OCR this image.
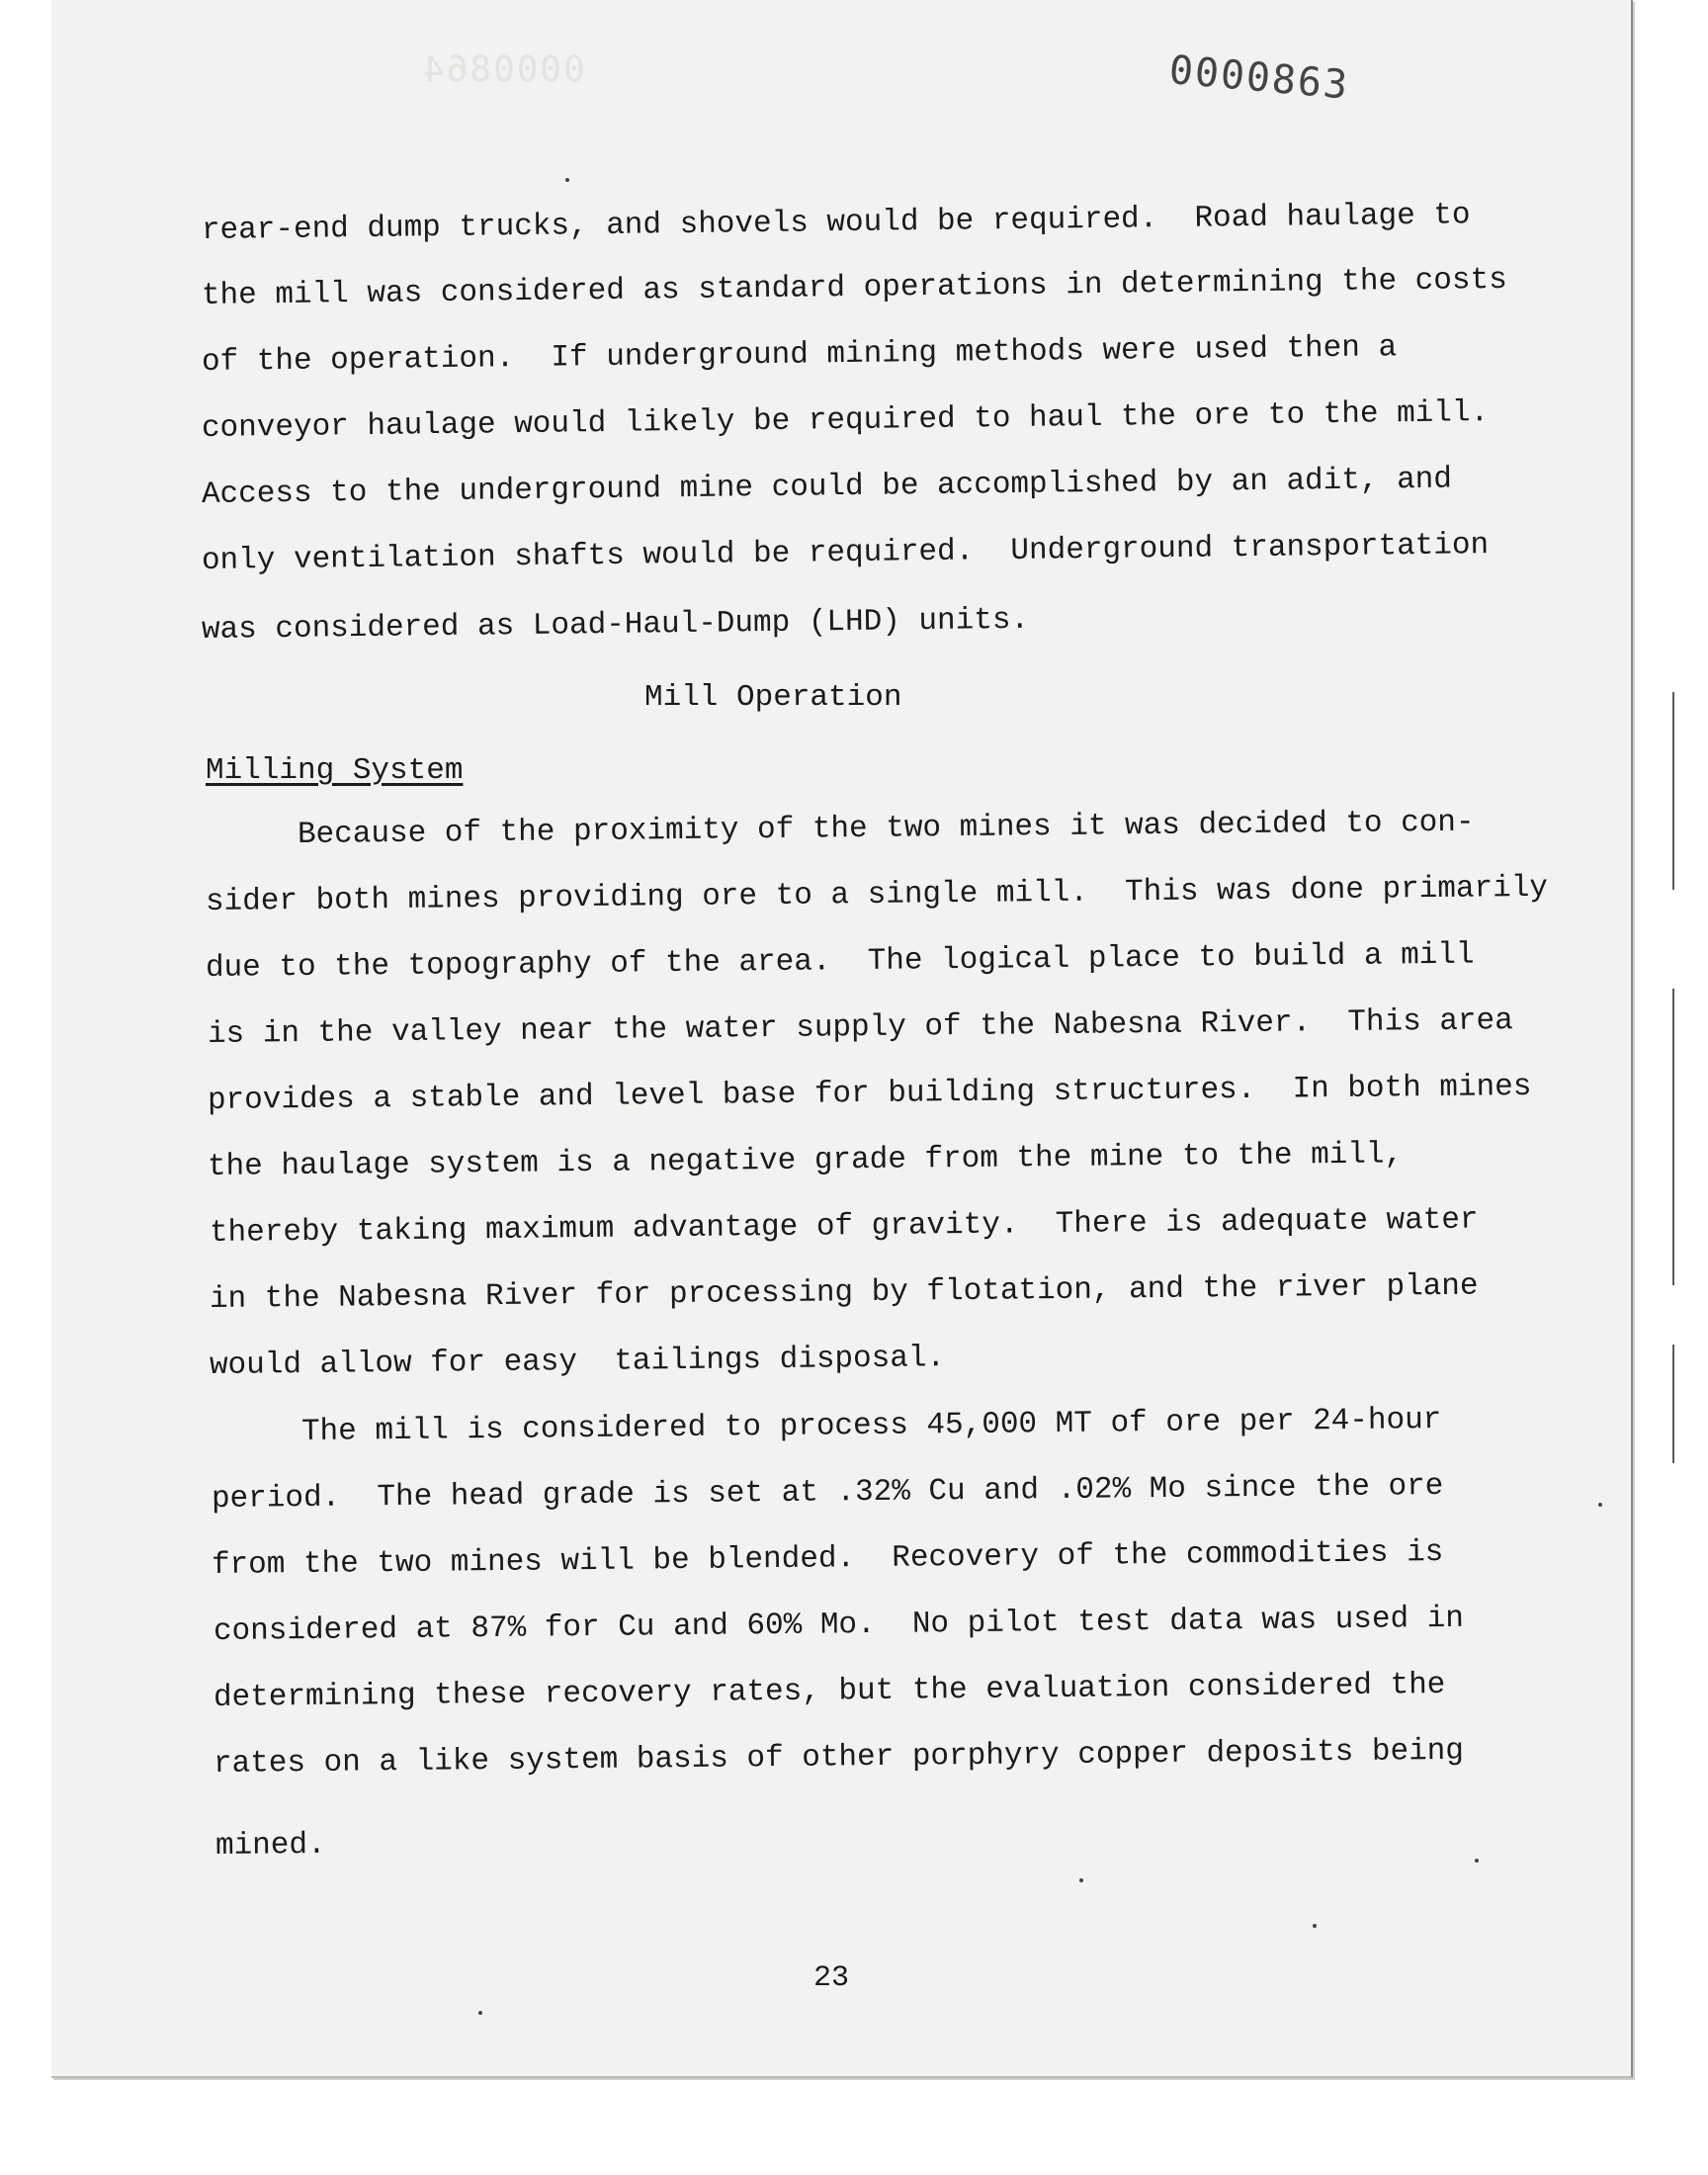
0000864	0000863

rear-end dump trucks, and shovels would be required.  Road haulage to

the mill was considered as standard operations in determining the costs

of the operation.  If underground mining methods were used then a

conveyor haulage would likely be required to haul the ore to the mill.

Access to the underground mine could be accomplished by an adit, and

only ventilation shafts would be required.  Underground transportation

was considered as Load-Haul-Dump (LHD) units.

Mill Operation

Milling System

Because of the proximity of the two mines it was decided to con-

sider both mines providing ore to a single mill.  This was done primarily

due to the topography of the area.  The logical place to build a mill

is in the valley near the water supply of the Nabesna River.  This area

provides a stable and level base for building structures.  In both mines

the haulage system is a negative grade from the mine to the mill,

thereby taking maximum advantage of gravity.  There is adequate water

in the Nabesna River for processing by flotation, and the river plane

would allow for easy  tailings disposal.

The mill is considered to process 45,000 MT of ore per 24-hour

period.  The head grade is set at .32% Cu and .02% Mo since the ore

from the two mines will be blended.  Recovery of the commodities is

considered at 87% for Cu and 60% Mo.  No pilot test data was used in

determining these recovery rates, but the evaluation considered the

rates on a like system basis of other porphyry copper deposits being

mined.

23
